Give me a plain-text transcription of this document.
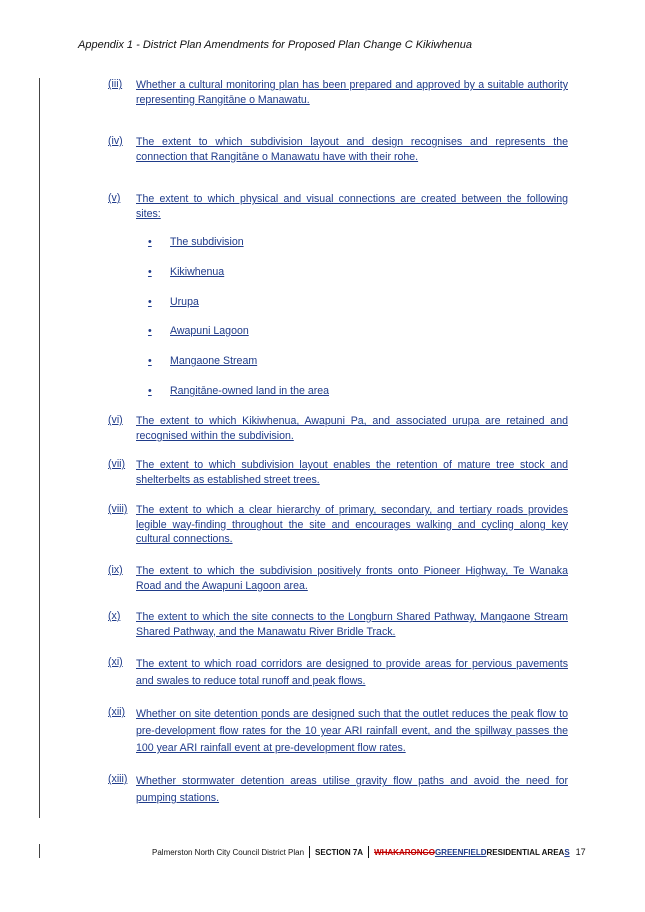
Appendix 1 - District Plan Amendments for Proposed Plan Change C Kikiwhenua
(iii) Whether a cultural monitoring plan has been prepared and approved by a suitable authority representing Rangitāne o Manawatu.
(iv) The extent to which subdivision layout and design recognises and represents the connection that Rangitāne o Manawatu have with their rohe.
(v) The extent to which physical and visual connections are created between the following sites:
• The subdivision
• Kikiwhenua
• Urupa
• Awapuni Lagoon
• Mangaone Stream
• Rangitāne-owned land in the area
(vi) The extent to which Kikiwhenua, Awapuni Pa, and associated urupa are retained and recognised within the subdivision.
(vii) The extent to which subdivision layout enables the retention of mature tree stock and shelterbelts as established street trees.
(viii) The extent to which a clear hierarchy of primary, secondary, and tertiary roads provides legible way-finding throughout the site and encourages walking and cycling along key cultural connections.
(ix) The extent to which the subdivision positively fronts onto Pioneer Highway, Te Wanaka Road and the Awapuni Lagoon area.
(x) The extent to which the site connects to the Longburn Shared Pathway, Mangaone Stream Shared Pathway, and the Manawatu River Bridle Track.
(xi) The extent to which road corridors are designed to provide areas for pervious pavements and swales to reduce total runoff and peak flows.
(xii) Whether on site detention ponds are designed such that the outlet reduces the peak flow to pre-development flow rates for the 10 year ARI rainfall event, and the spillway passes the 100 year ARI rainfall event at pre-development flow rates.
(xiii) Whether stormwater detention areas utilise gravity flow paths and avoid the need for pumping stations.
Palmerston North City Council District Plan SECTION 7A WHAKARONGO GREENFIELD RESIDENTIAL AREA S 17
